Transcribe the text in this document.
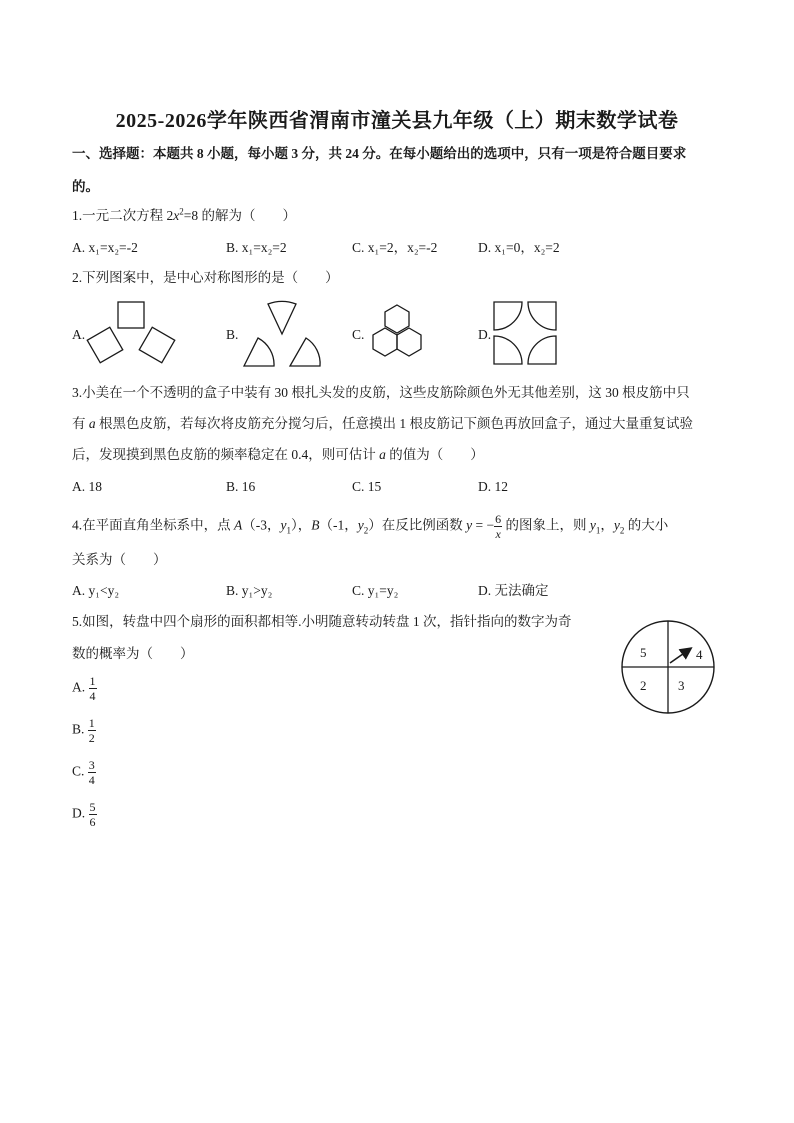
2025-2026学年陕西省渭南市潼关县九年级（上）期末数学试卷
一、选择题：本题共 8 小题，每小题 3 分，共 24 分。在每小题给出的选项中，只有一项是符合题目要求
的。
1.一元二次方程 $2x^2=8$ 的解为（　　）
A. x₁=x₂=-2	B. x₁=x₂=2	C. x₁=2，x₂=-2	D. x₁=0，x₂=2
2.下列图案中，是中心对称图形的是（　　）
A.	B.	C.	D.
3.小美在一个不透明的盒子中装有 30 根扎头发的皮筋，这些皮筋除颜色外无其他差别，这 30 根皮筋中只
有 a 根黑色皮筋，若每次将皮筋充分搅匀后，任意摸出 1 根皮筋记下颜色再放回盒子，通过大量重复试验
后，发现摸到黑色皮筋的频率稳定在 0.4，则可估计 a 的值为（　　）
A. 18	B. 16	C. 15	D. 12
4.在平面直角坐标系中，点 A（-3，$y_1$），B（-1，$y_2$）在反比例函数 y = − $\frac{6}{x}$ 的图象上，则 $y_1$，$y_2$ 的大小
关系为（　　）
A. y₁<y₂	B. y₁>y₂	C. y₁=y₂	D. 无法确定
5.如图，转盘中四个扇形的面积都相等.小明随意转动转盘 1 次，指针指向的数字为奇
数的概率为（　　）
A. $\frac{1}{4}$
B. $\frac{1}{2}$
C. $\frac{3}{4}$
D. $\frac{5}{6}$
5	4
2 3
